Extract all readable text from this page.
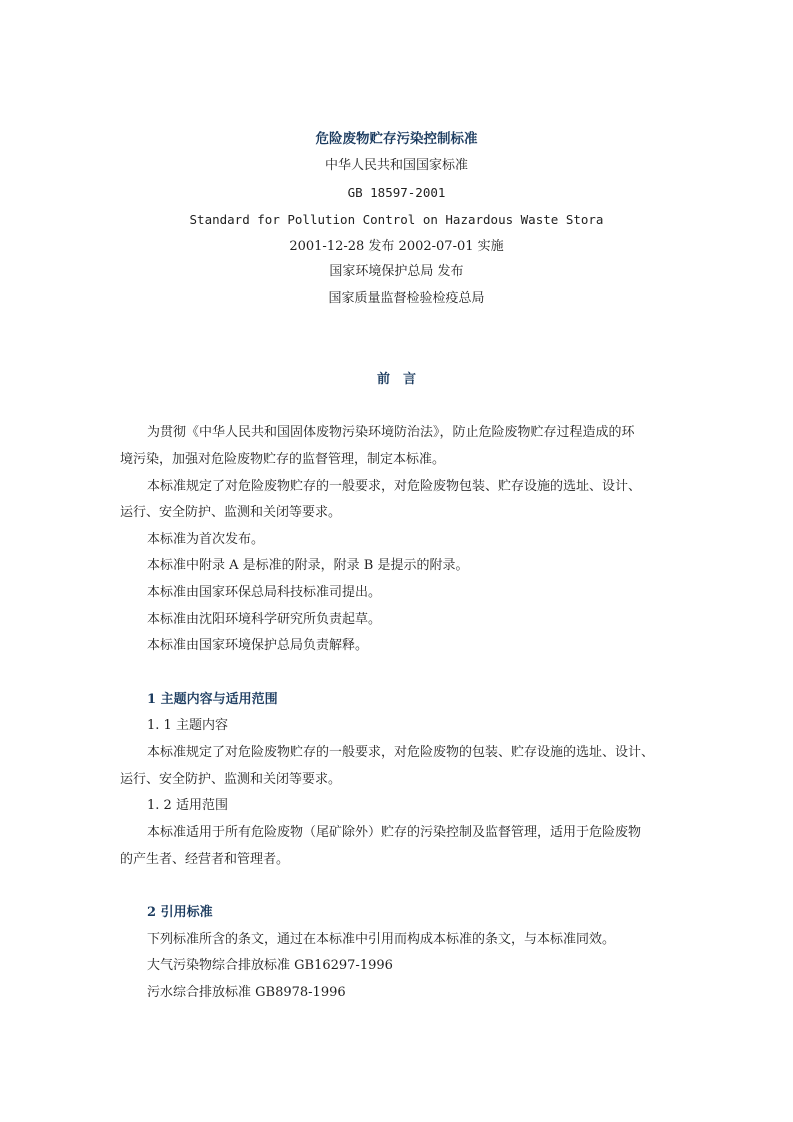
危险废物贮存污染控制标准
中华人民共和国国家标准
GB 18597-2001
Standard for Pollution Control on Hazardous Waste Stora
2001-12-28 发布 2002-07-01 实施
国家环境保护总局 发布
国家质量监督检验检疫总局
前　言
为贯彻《中华人民共和国固体废物污染环境防治法》，防止危险废物贮存过程造成的环
境污染，加强对危险废物贮存的监督管理，制定本标准。
本标准规定了对危险废物贮存的一般要求，对危险废物包装、贮存设施的选址、设计、
运行、安全防护、监测和关闭等要求。
本标准为首次发布。
本标准中附录 A 是标准的附录，附录 B 是提示的附录。
本标准由国家环保总局科技标准司提出。
本标准由沈阳环境科学研究所负责起草。
本标准由国家环境保护总局负责解释。
1 主题内容与适用范围
1. 1 主题内容
本标准规定了对危险废物贮存的一般要求，对危险废物的包装、贮存设施的选址、设计、
运行、安全防护、监测和关闭等要求。
1. 2 适用范围
本标准适用于所有危险废物（尾矿除外）贮存的污染控制及监督管理，适用于危险废物
的产生者、经营者和管理者。
2 引用标准
下列标准所含的条文，通过在本标准中引用而构成本标准的条文，与本标准同效。
大气污染物综合排放标准 GB16297-1996
污水综合排放标准 GB8978-1996
